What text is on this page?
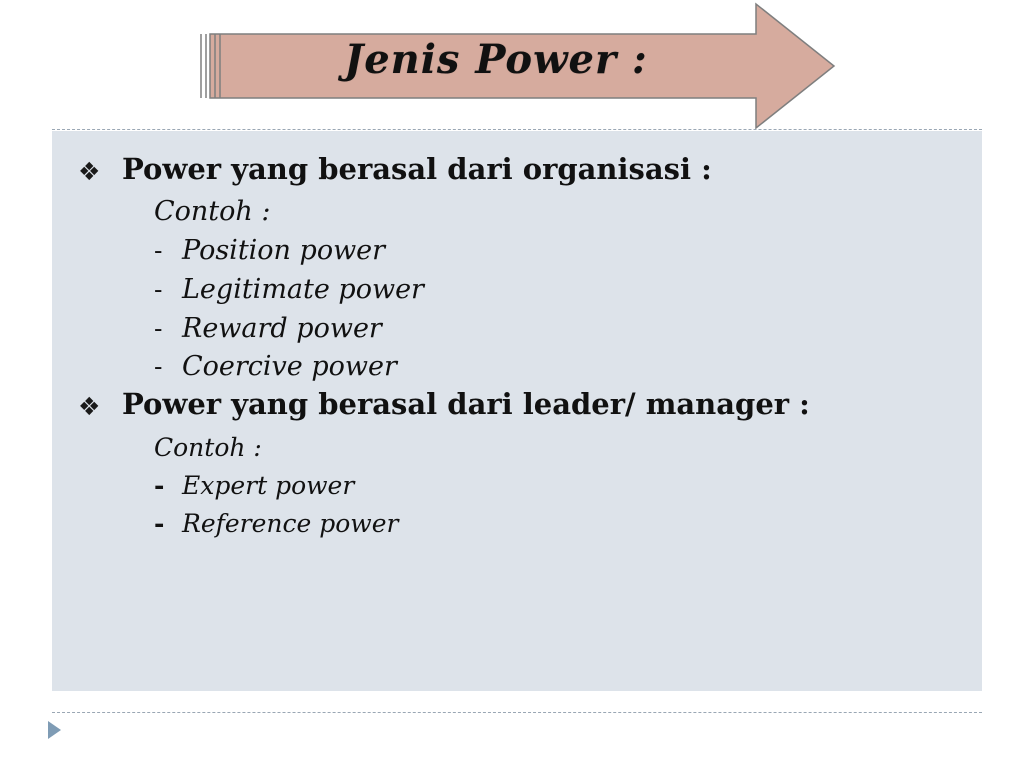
Jenis Power :
❖ Power yang berasal dari organisasi :
Contoh :
- Position power
- Legitimate power
- Reward power
- Coercive power
❖ Power yang berasal dari leader/ manager :
Contoh :
- Expert power
- Reference power
